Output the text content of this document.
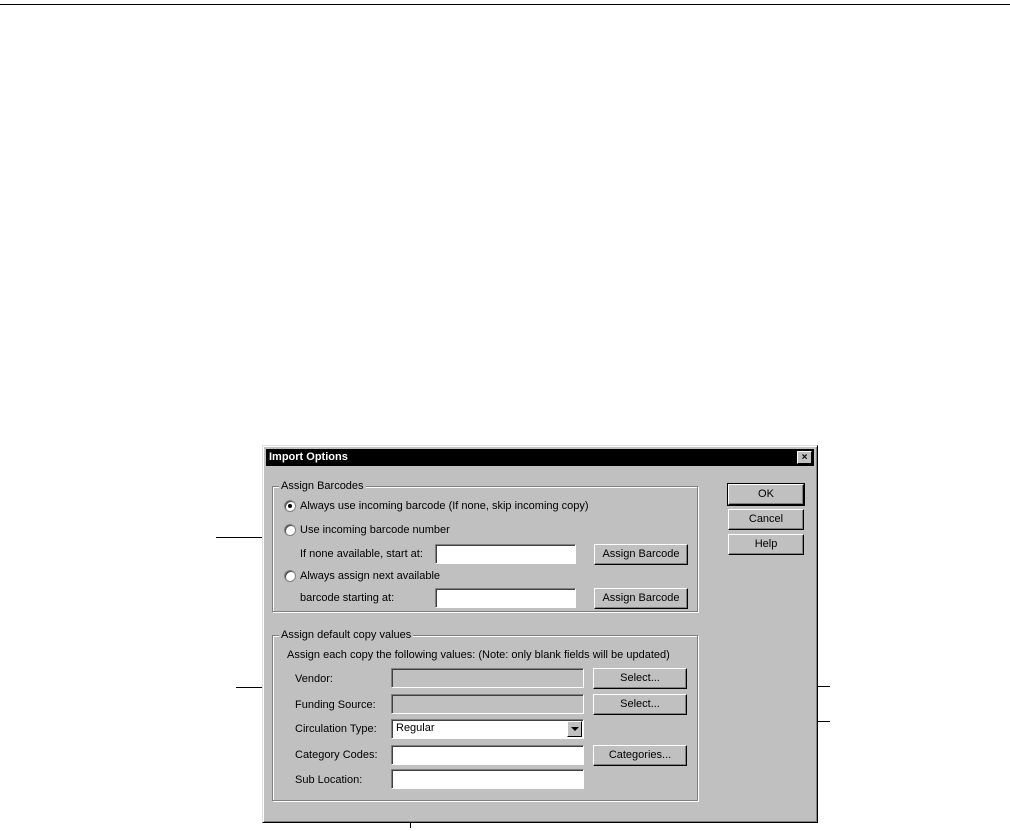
Import Options	×
Assign Barcodes
Always use incoming barcode (If none, skip incoming copy)
Use incoming barcode number
If none available, start at:	Assign Barcode
Always assign next available
barcode starting at:	Assign Barcode
OK
Cancel
Help
Assign default copy values
Assign each copy the following values: (Note: only blank fields will be updated)
Vendor:	Select...
Funding Source:	Select...
Circulation Type:	Regular
Category Codes:	Categories...
Sub Location:
